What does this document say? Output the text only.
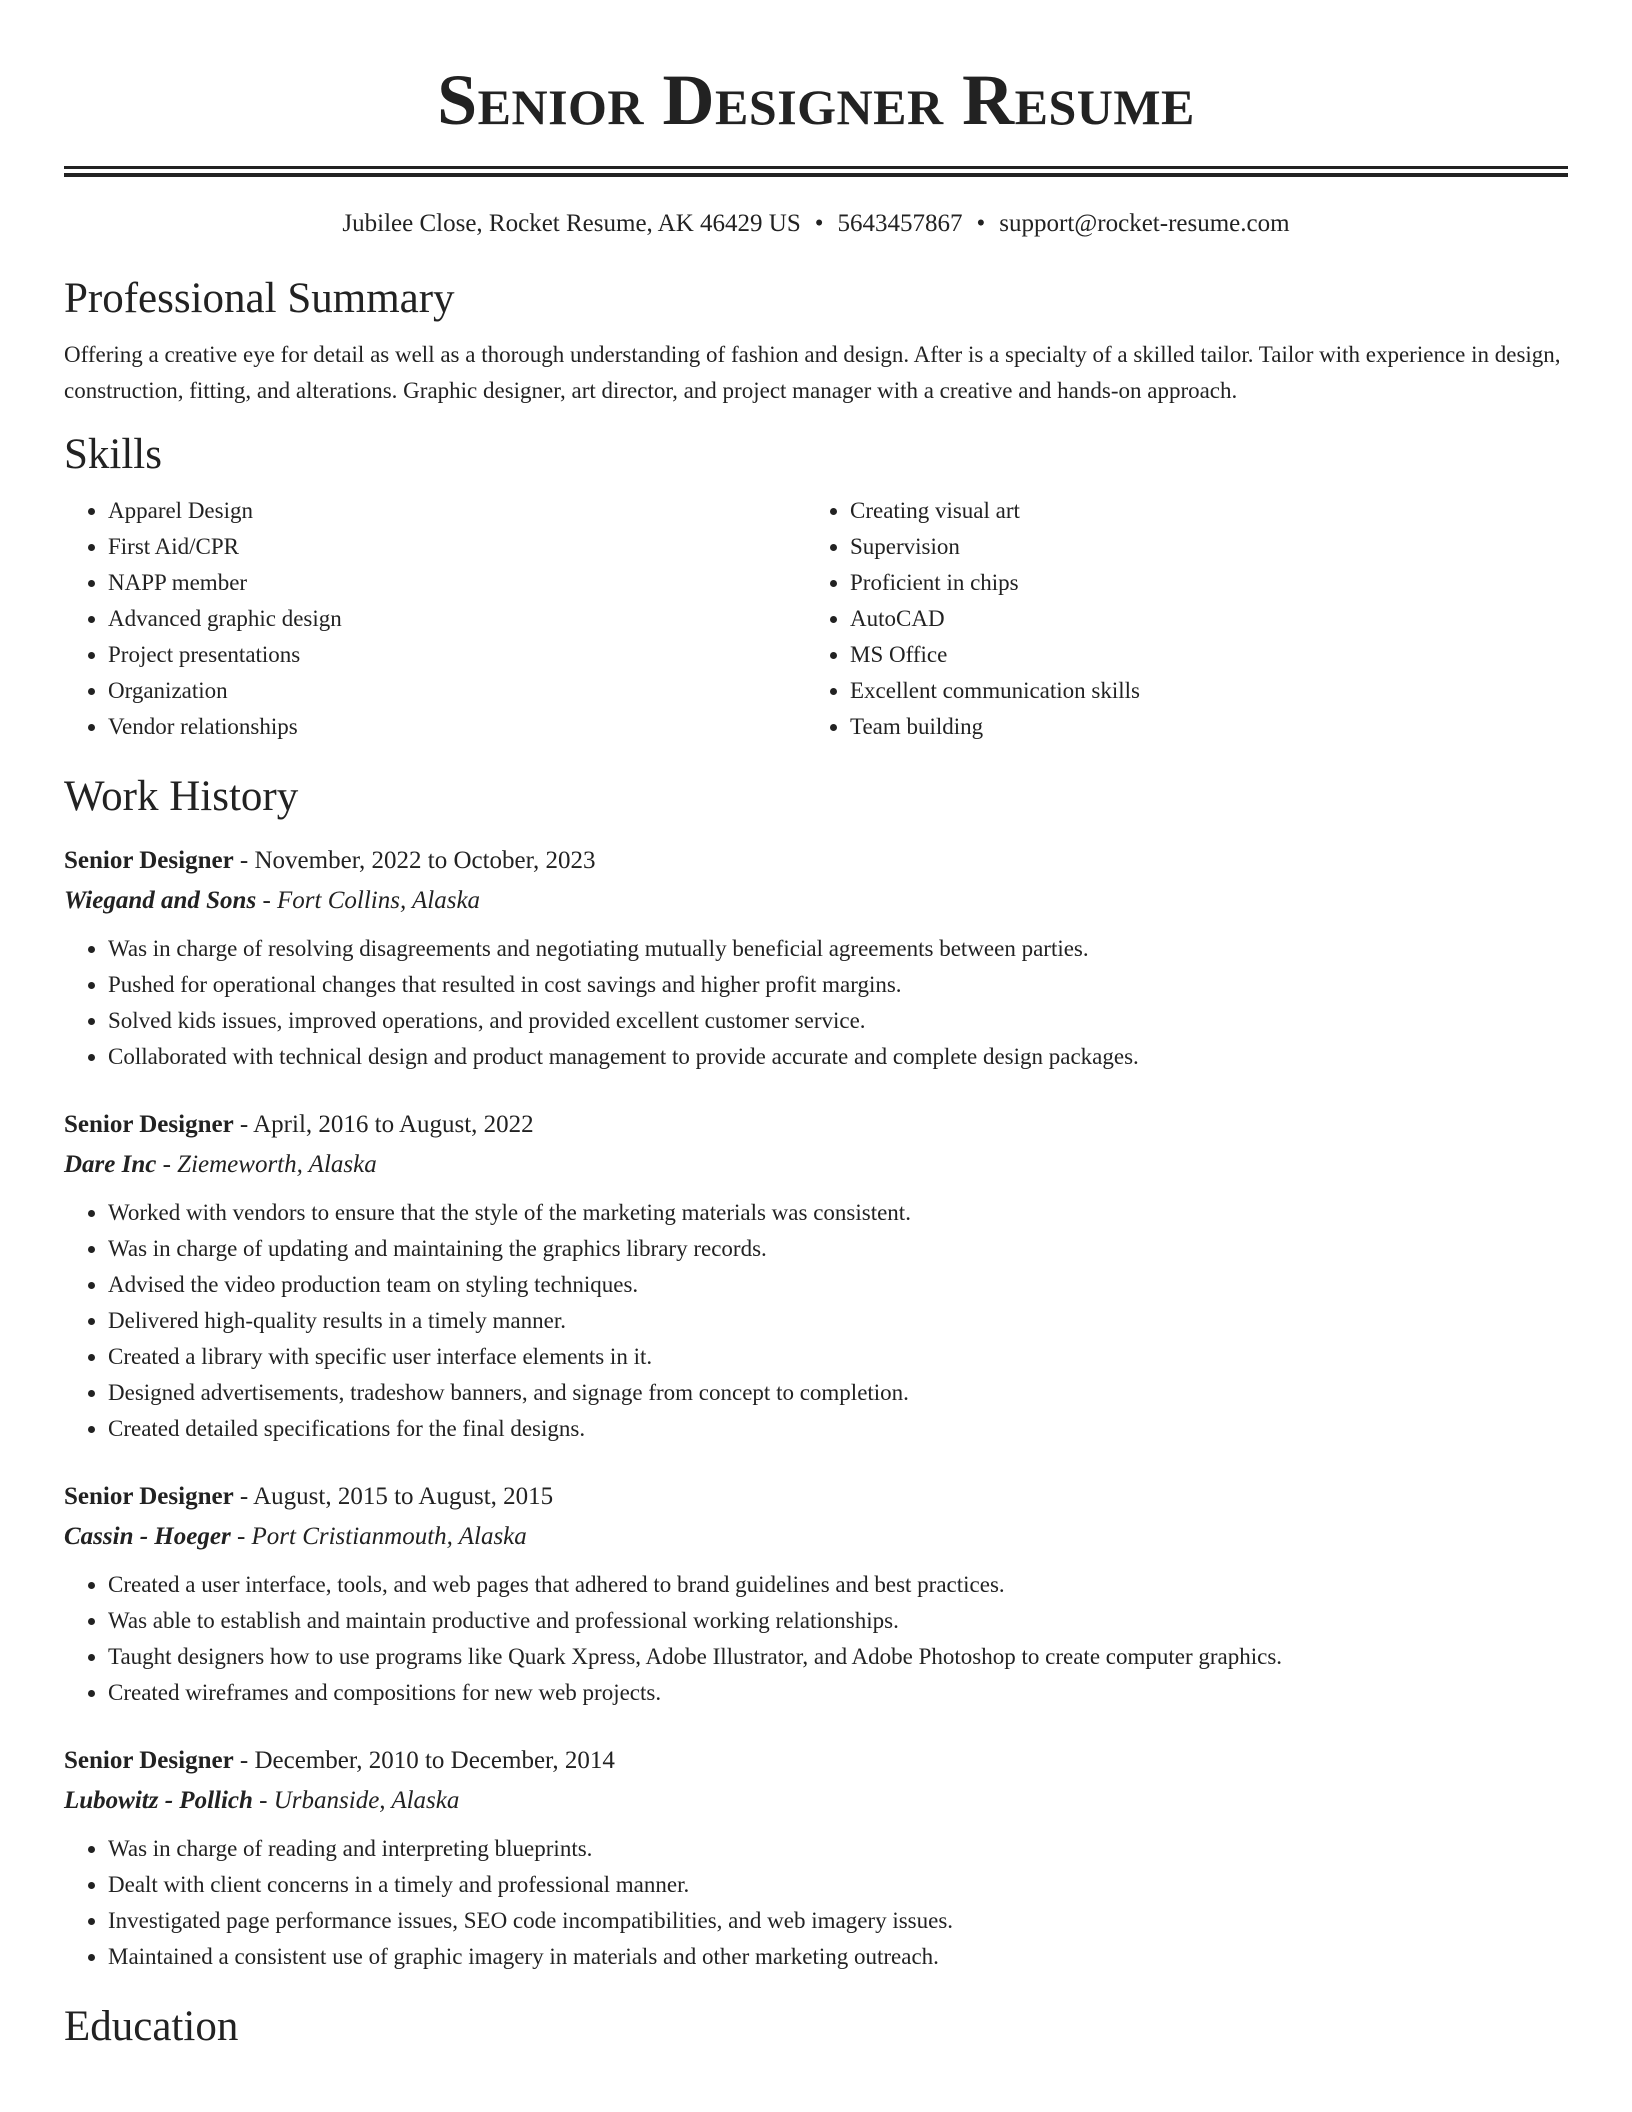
Senior Designer Resume
Jubilee Close, Rocket Resume, AK 46429 US • 5643457867 • support@rocket-resume.com
Professional Summary

Offering a creative eye for detail as well as a thorough understanding of fashion and design. After is a specialty of a skilled tailor. Tailor with experience in design, construction, fitting, and alterations. Graphic designer, art director, and project manager with a creative and hands-on approach.

Skills
• Apparel Design
• First Aid/CPR
• NAPP member
• Advanced graphic design
• Project presentations
• Organization
• Vendor relationships
• Creating visual art
• Supervision
• Proficient in chips
• AutoCAD
• MS Office
• Excellent communication skills
• Team building
Work History
Senior Designer - November, 2022 to October, 2023
Wiegand and Sons - Fort Collins, Alaska
• Was in charge of resolving disagreements and negotiating mutually beneficial agreements between parties.
• Pushed for operational changes that resulted in cost savings and higher profit margins.
• Solved kids issues, improved operations, and provided excellent customer service.
• Collaborated with technical design and product management to provide accurate and complete design packages.
Senior Designer - April, 2016 to August, 2022
Dare Inc - Ziemeworth, Alaska
• Worked with vendors to ensure that the style of the marketing materials was consistent.
• Was in charge of updating and maintaining the graphics library records.
• Advised the video production team on styling techniques.
• Delivered high-quality results in a timely manner.
• Created a library with specific user interface elements in it.
• Designed advertisements, tradeshow banners, and signage from concept to completion.
• Created detailed specifications for the final designs.
Senior Designer - August, 2015 to August, 2015
Cassin - Hoeger - Port Cristianmouth, Alaska
• Created a user interface, tools, and web pages that adhered to brand guidelines and best practices.
• Was able to establish and maintain productive and professional working relationships.
• Taught designers how to use programs like Quark Xpress, Adobe Illustrator, and Adobe Photoshop to create computer graphics.
• Created wireframes and compositions for new web projects.
Senior Designer - December, 2010 to December, 2014
Lubowitz - Pollich - Urbanside, Alaska
• Was in charge of reading and interpreting blueprints.
• Dealt with client concerns in a timely and professional manner.
• Investigated page performance issues, SEO code incompatibilities, and web imagery issues.
• Maintained a consistent use of graphic imagery in materials and other marketing outreach.
Education
